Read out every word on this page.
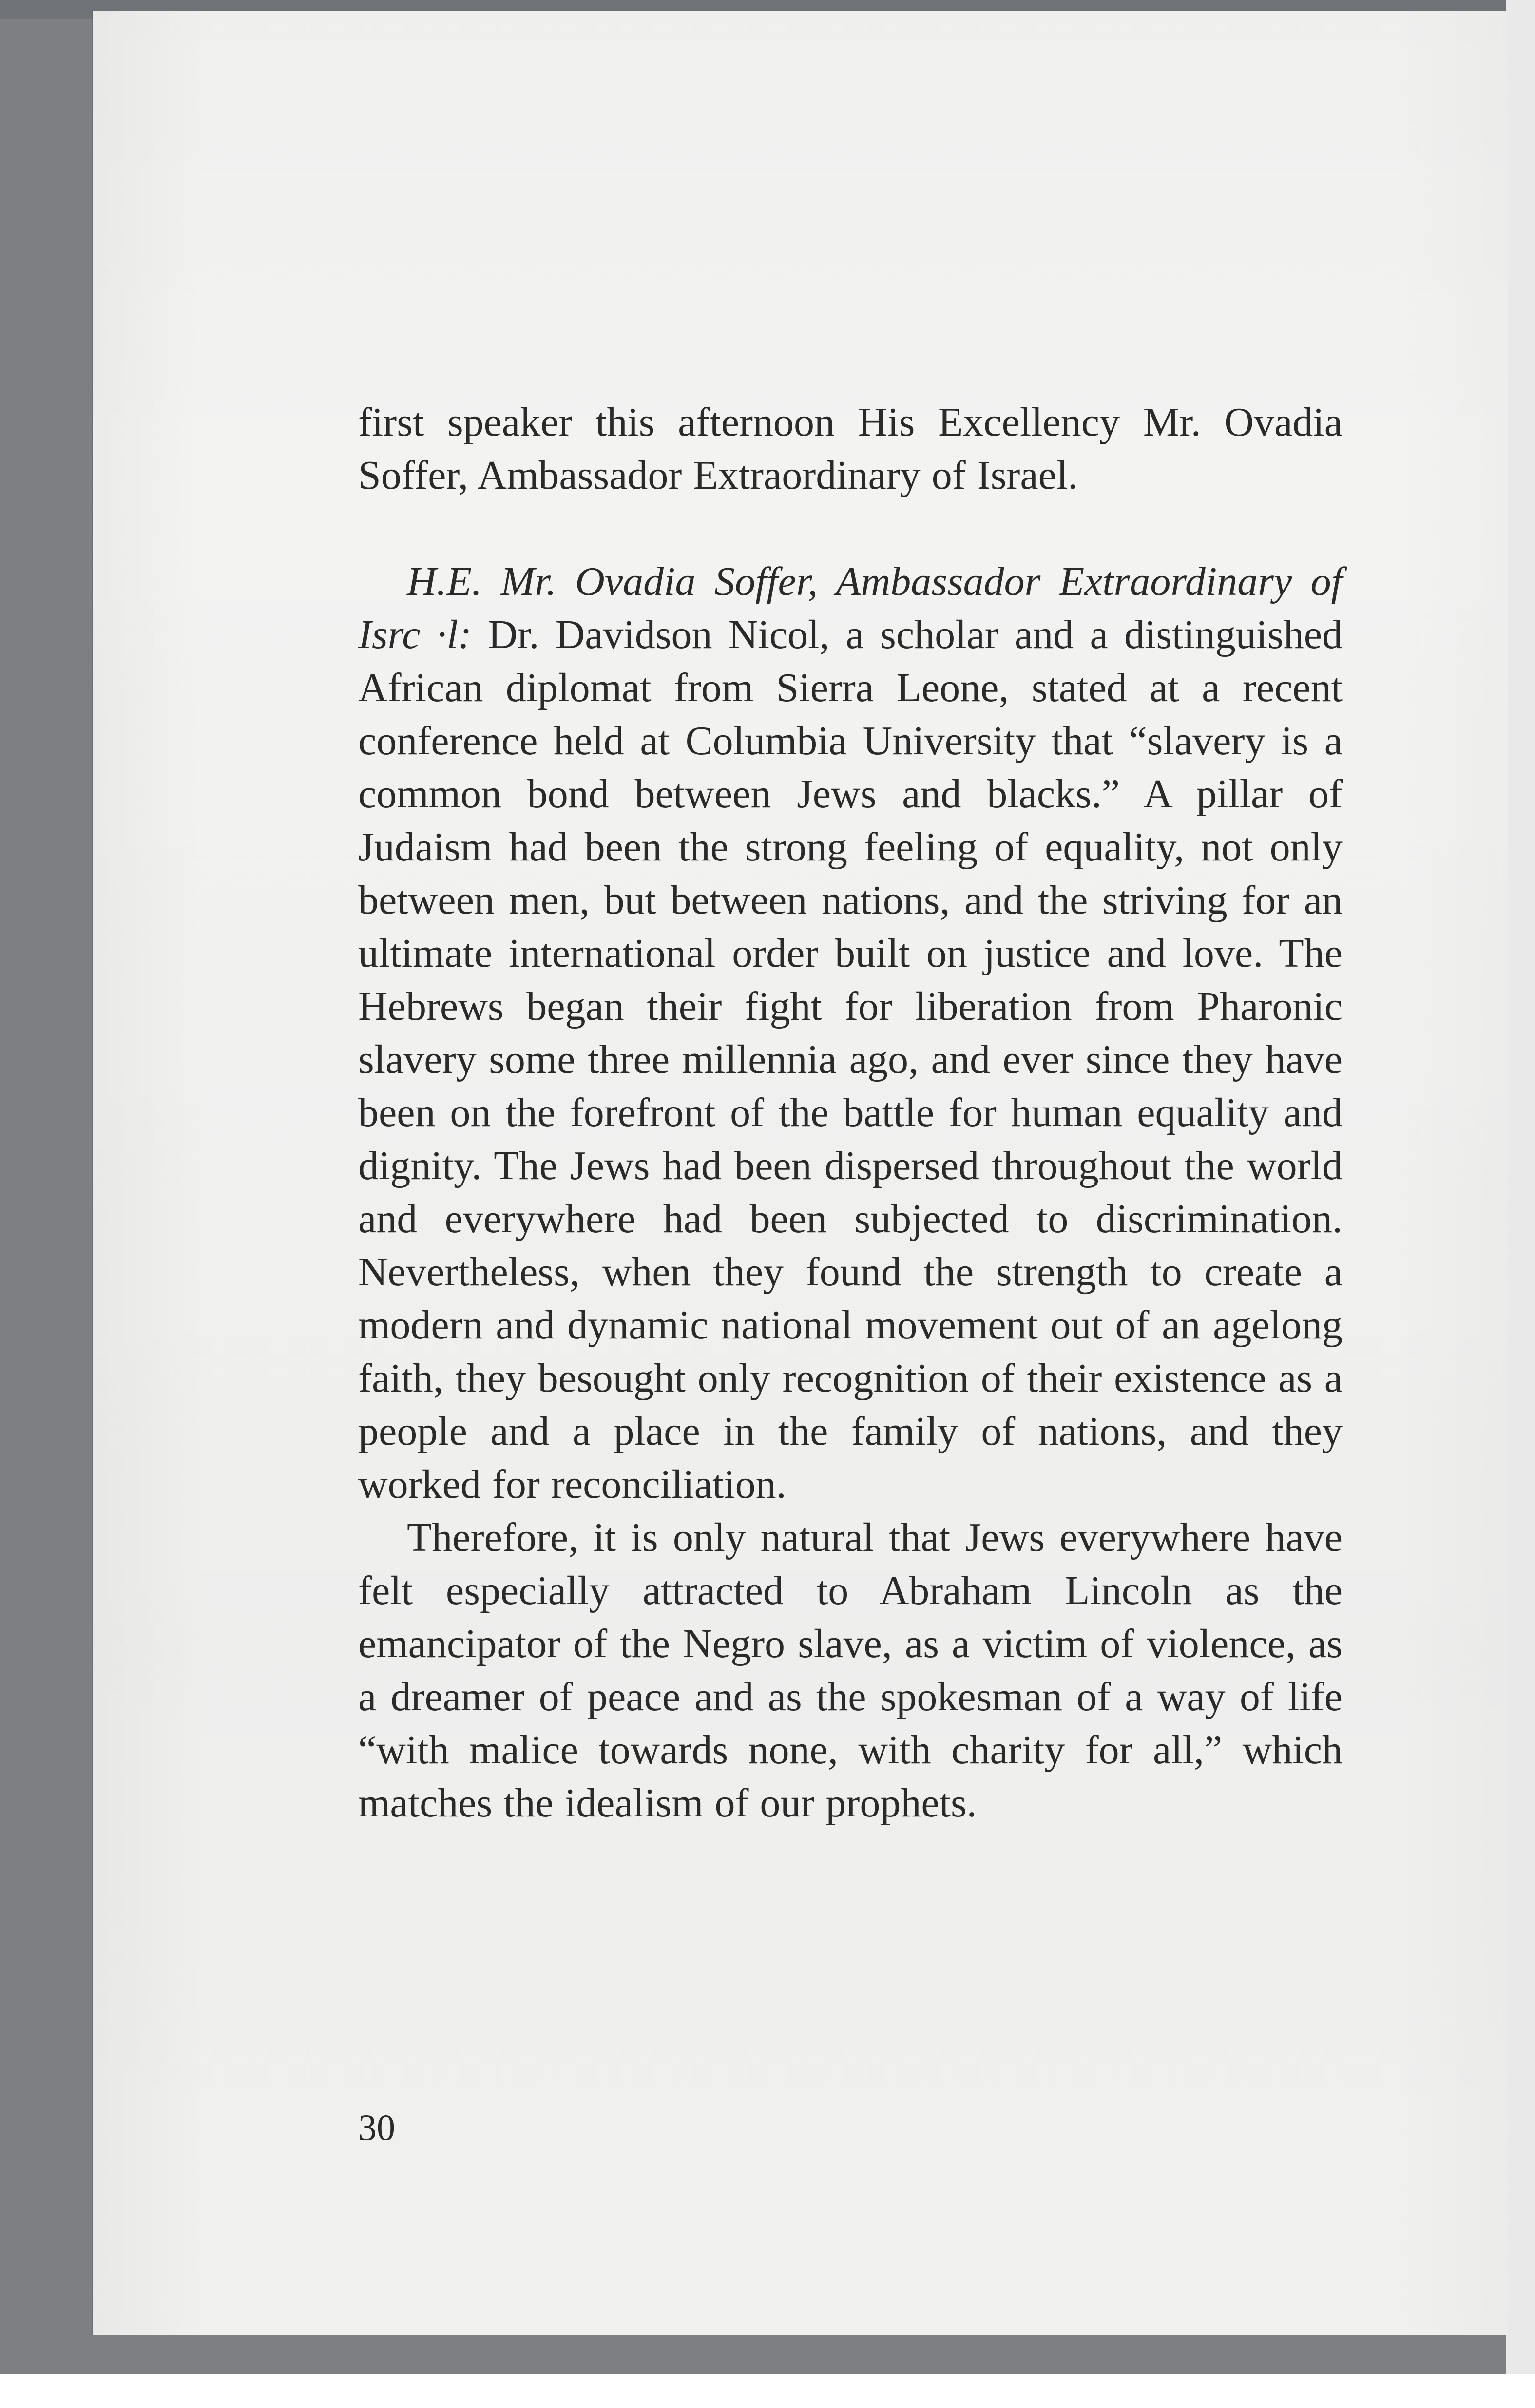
first speaker this afternoon His Excellency Mr. Ovadia Soffer, Ambassador Extraordinary of Israel.

H.E. Mr. Ovadia Soffer, Ambassador Extraordinary of Isrc ·l: Dr. Davidson Nicol, a scholar and a distinguished African diplomat from Sierra Leone, stated at a recent conference held at Columbia University that “slavery is a common bond between Jews and blacks.” A pillar of Judaism had been the strong feeling of equality, not only between men, but between nations, and the striving for an ultimate international order built on justice and love. The Hebrews began their fight for liberation from Pharonic slavery some three millennia ago, and ever since they have been on the forefront of the battle for human equality and dignity. The Jews had been dispersed throughout the world and everywhere had been subjected to discrimination. Nevertheless, when they found the strength to create a modern and dynamic national movement out of an agelong faith, they besought only recognition of their existence as a people and a place in the family of nations, and they worked for reconciliation.

Therefore, it is only natural that Jews everywhere have felt especially attracted to Abraham Lincoln as the emancipator of the Negro slave, as a victim of violence, as a dreamer of peace and as the spokesman of a way of life “with malice towards none, with charity for all,” which matches the idealism of our prophets.

30
